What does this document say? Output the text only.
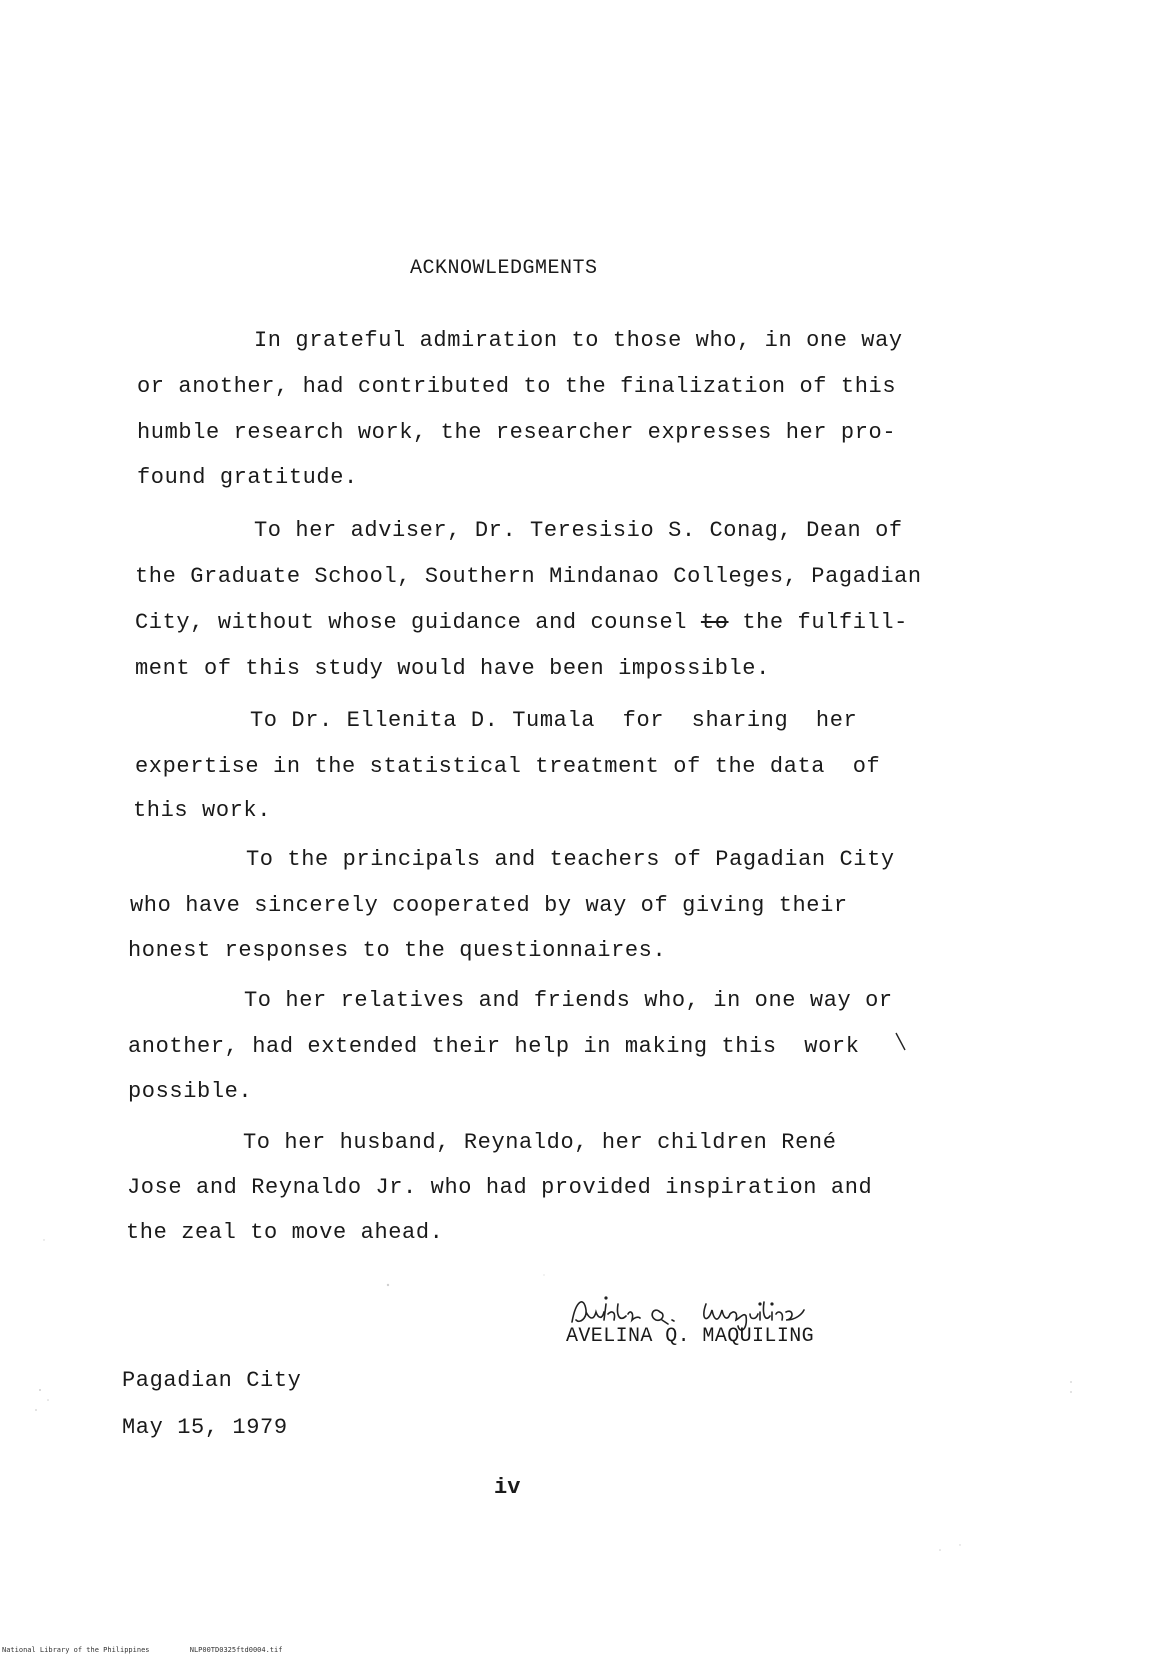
ACKNOWLEDGMENTS
In grateful admiration to those who, in one way
or another, had contributed to the finalization of this
humble research work, the researcher expresses her pro-
found gratitude.
To her adviser, Dr. Teresisio S. Conag, Dean of
the Graduate School, Southern Mindanao Colleges, Pagadian
City, without whose guidance and counsel to the fulfill-
ment of this study would have been impossible.
To Dr. Ellenita D. Tumala  for  sharing  her
expertise in the statistical treatment of the data  of
this work.
To the principals and teachers of Pagadian City
who have sincerely cooperated by way of giving their
honest responses to the questionnaires.
To her relatives and friends who, in one way or
another, had extended their help in making this  work
possible.
To her husband, Reynaldo, her children René
Jose and Reynaldo Jr. who had provided inspiration and
the zeal to move ahead.
AVELINA Q. MAQUILING
Pagadian City
May 15, 1979
iv
National Library of the Philippines	NLP00TD0325ftd0004.tif
